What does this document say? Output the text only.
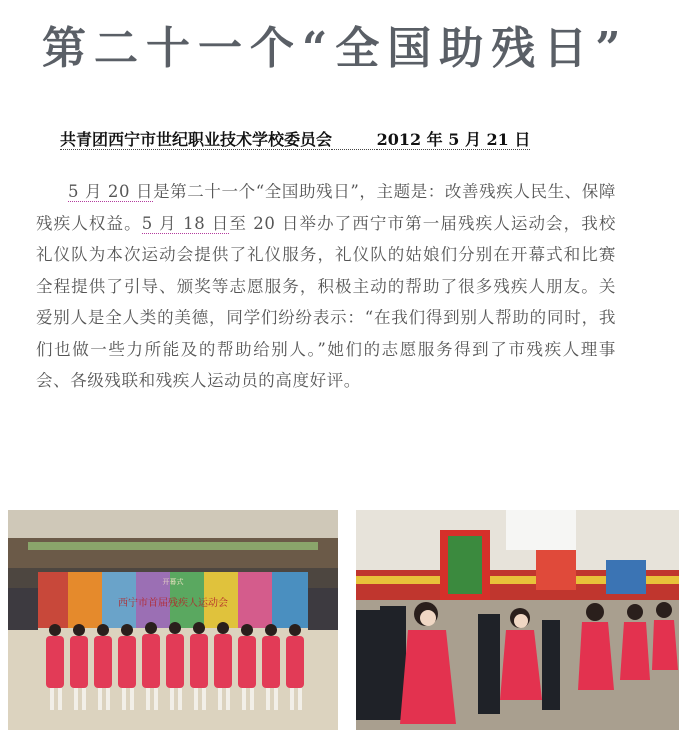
第二十一个“全国助残日”
共青团西宁市世纪职业技术学校委员会	2012 年 5 月 21 日
5 月 20 日是第二十一个“全国助残日”，主题是：改善残疾人民生、保障残疾人权益。5 月 18 日至 20 日举办了西宁市第一届残疾人运动会，我校礼仪队为本次运动会提供了礼仪服务，礼仪队的姑娘们分别在开幕式和比赛全程提供了引导、颁奖等志愿服务，积极主动的帮助了很多残疾人朋友。关爱别人是全人类的美德，同学们纷纷表示：“在我们得到别人帮助的同时，我们也做一些力所能及的帮助给别人。”她们的志愿服务得到了市残疾人理事会、各级残联和残疾人运动员的高度好评。
西宁市首届残疾人运动会
开幕式
